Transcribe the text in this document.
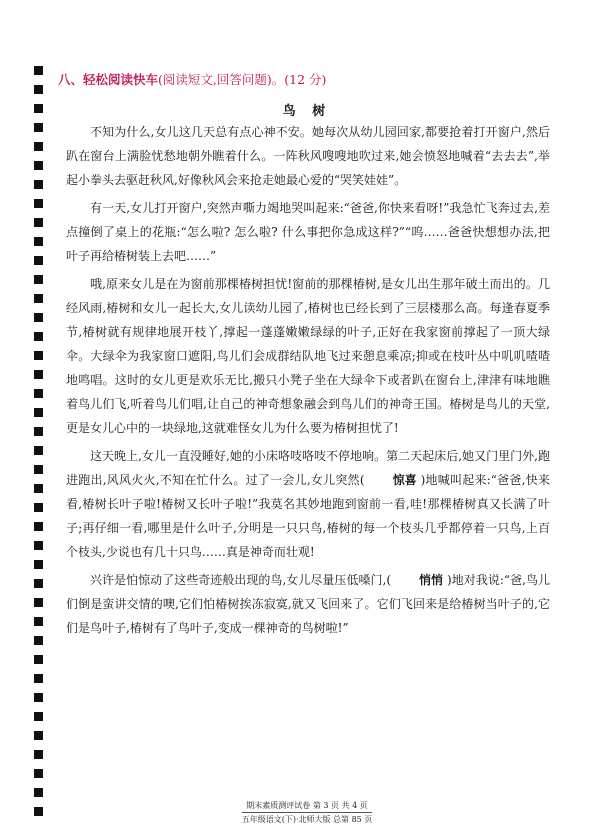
八、轻松阅读快车(阅读短文,回答问题)。(12 分)
鸟 树

不知为什么,女儿这几天总有点心神不安。她每次从幼儿园回家,都要抢着打开窗户,然后趴在窗台上满脸忧愁地朝外瞧着什么。一阵秋风嗖嗖地吹过来,她会愤怒地喊着“去去去”,举起小拳头去驱赶秋风,好像秋风会来抢走她最心爱的“哭笑娃娃”。

有一天,女儿打开窗户,突然声嘶力竭地哭叫起来:“爸爸,你快来看呀!”我急忙飞奔过去,差点撞倒了桌上的花瓶:“怎么啦? 怎么啦? 什么事把你急成这样?”“呜……爸爸快想想办法,把叶子再给椿树装上去吧……”

哦,原来女儿是在为窗前那棵椿树担忧!窗前的那棵椿树,是女儿出生那年破土而出的。几经风雨,椿树和女儿一起长大,女儿读幼儿园了,椿树也已经长到了三层楼那么高。每逢春夏季节,椿树就有规律地展开枝丫,撑起一蓬蓬嫩嫩绿绿的叶子,正好在我家窗前撑起了一顶大绿伞。大绿伞为我家窗口遮阳,鸟儿们会成群结队地飞过来憩息乘凉;抑或在枝叶丛中叽叽喳喳地鸣唱。这时的女儿更是欢乐无比,搬只小凳子坐在大绿伞下或者趴在窗台上,津津有味地瞧着鸟儿们飞,听着鸟儿们唱,让自己的神奇想象融会到鸟儿们的神奇王国。椿树是鸟儿的天堂,更是女儿心中的一块绿地,这就难怪女儿为什么要为椿树担忧了!

这天晚上,女儿一直没睡好,她的小床咯吱咯吱不停地响。第二天起床后,她又门里门外,跑进跑出,风风火火,不知在忙什么。过了一会儿,女儿突然( 惊喜 )地喊叫起来:“爸爸,快来看,椿树长叶子啦!椿树又长叶子啦!”我莫名其妙地跑到窗前一看,哇!那棵椿树真又长满了叶子;再仔细一看,哪里是什么叶子,分明是一只只鸟,椿树的每一个枝头几乎都停着一只鸟,上百个枝头,少说也有几十只鸟……真是神奇而壮观!

兴许是怕惊动了这些奇迹般出现的鸟,女儿尽量压低嗓门,( 悄悄 )地对我说:“爸,鸟儿们倒是蛮讲交情的噢,它们怕椿树挨冻寂寞,就又飞回来了。它们飞回来是给椿树当叶子的,它们是鸟叶子,椿树有了鸟叶子,变成一棵神奇的鸟树啦!”

期末素质测评试卷 第 3 页 共 4 页
五年级语文(下)·北师大版 总第 85 页
